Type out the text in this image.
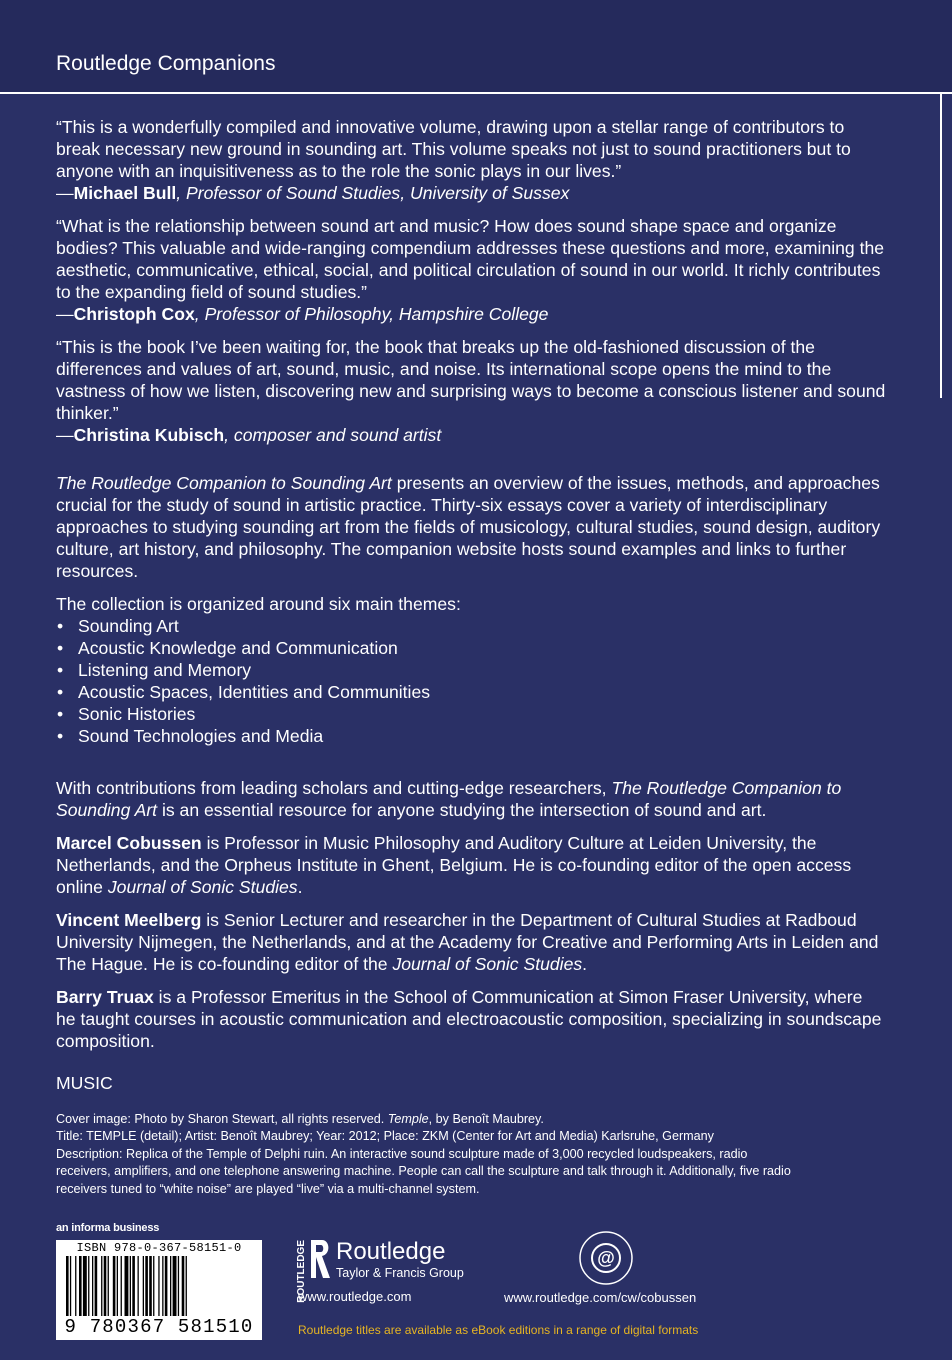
Routledge Companions

“This is a wonderfully compiled and innovative volume, drawing upon a stellar range of contributors to break necessary new ground in sounding art. This volume speaks not just to sound practitioners but to anyone with an inquisitiveness as to the role the sonic plays in our lives.”
—Michael Bull, Professor of Sound Studies, University of Sussex

“What is the relationship between sound art and music? How does sound shape space and organize bodies? This valuable and wide-ranging compendium addresses these questions and more, examining the aesthetic, communicative, ethical, social, and political circulation of sound in our world. It richly contributes to the expanding field of sound studies.”
—Christoph Cox, Professor of Philosophy, Hampshire College

“This is the book I’ve been waiting for, the book that breaks up the old-fashioned discussion of the differences and values of art, sound, music, and noise. Its international scope opens the mind to the vastness of how we listen, discovering new and surprising ways to become a conscious listener and sound thinker.”
—Christina Kubisch, composer and sound artist

The Routledge Companion to Sounding Art presents an overview of the issues, methods, and approaches crucial for the study of sound in artistic practice. Thirty-six essays cover a variety of interdisciplinary approaches to studying sounding art from the fields of musicology, cultural studies, sound design, auditory culture, art history, and philosophy. The companion website hosts sound examples and links to further resources.

The collection is organized around six main themes:

• Sounding Art
• Acoustic Knowledge and Communication
• Listening and Memory
• Acoustic Spaces, Identities and Communities
• Sonic Histories
• Sound Technologies and Media

With contributions from leading scholars and cutting-edge researchers, The Routledge Companion to Sounding Art is an essential resource for anyone studying the intersection of sound and art.

Marcel Cobussen is Professor in Music Philosophy and Auditory Culture at Leiden University, the Netherlands, and the Orpheus Institute in Ghent, Belgium. He is co-founding editor of the open access online Journal of Sonic Studies.

Vincent Meelberg is Senior Lecturer and researcher in the Department of Cultural Studies at Radboud University Nijmegen, the Netherlands, and at the Academy for Creative and Performing Arts in Leiden and The Hague. He is co-founding editor of the Journal of Sonic Studies.

Barry Truax is a Professor Emeritus in the School of Communication at Simon Fraser University, where he taught courses in acoustic communication and electroacoustic composition, specializing in soundscape composition.

MUSIC

Cover image: Photo by Sharon Stewart, all rights reserved. Temple, by Benoît Maubrey.
Title: TEMPLE (detail); Artist: Benoît Maubrey; Year: 2012; Place: ZKM (Center for Art and Media) Karlsruhe, Germany
Description: Replica of the Temple of Delphi ruin. An interactive sound sculpture made of 3,000 recycled loudspeakers, radio
receivers, amplifiers, and one telephone answering machine. People can call the sculpture and talk through it. Additionally, five radio
receivers tuned to “white noise” are played “live” via a multi-channel system.
an informa business
ISBN 978-0-367-58151-0
9 780367 581510
ROUTLEDGE Routledge
Taylor & Francis Group
www.routledge.com
@
www.routledge.com/cw/cobussen
Routledge titles are available as eBook editions in a range of digital formats
